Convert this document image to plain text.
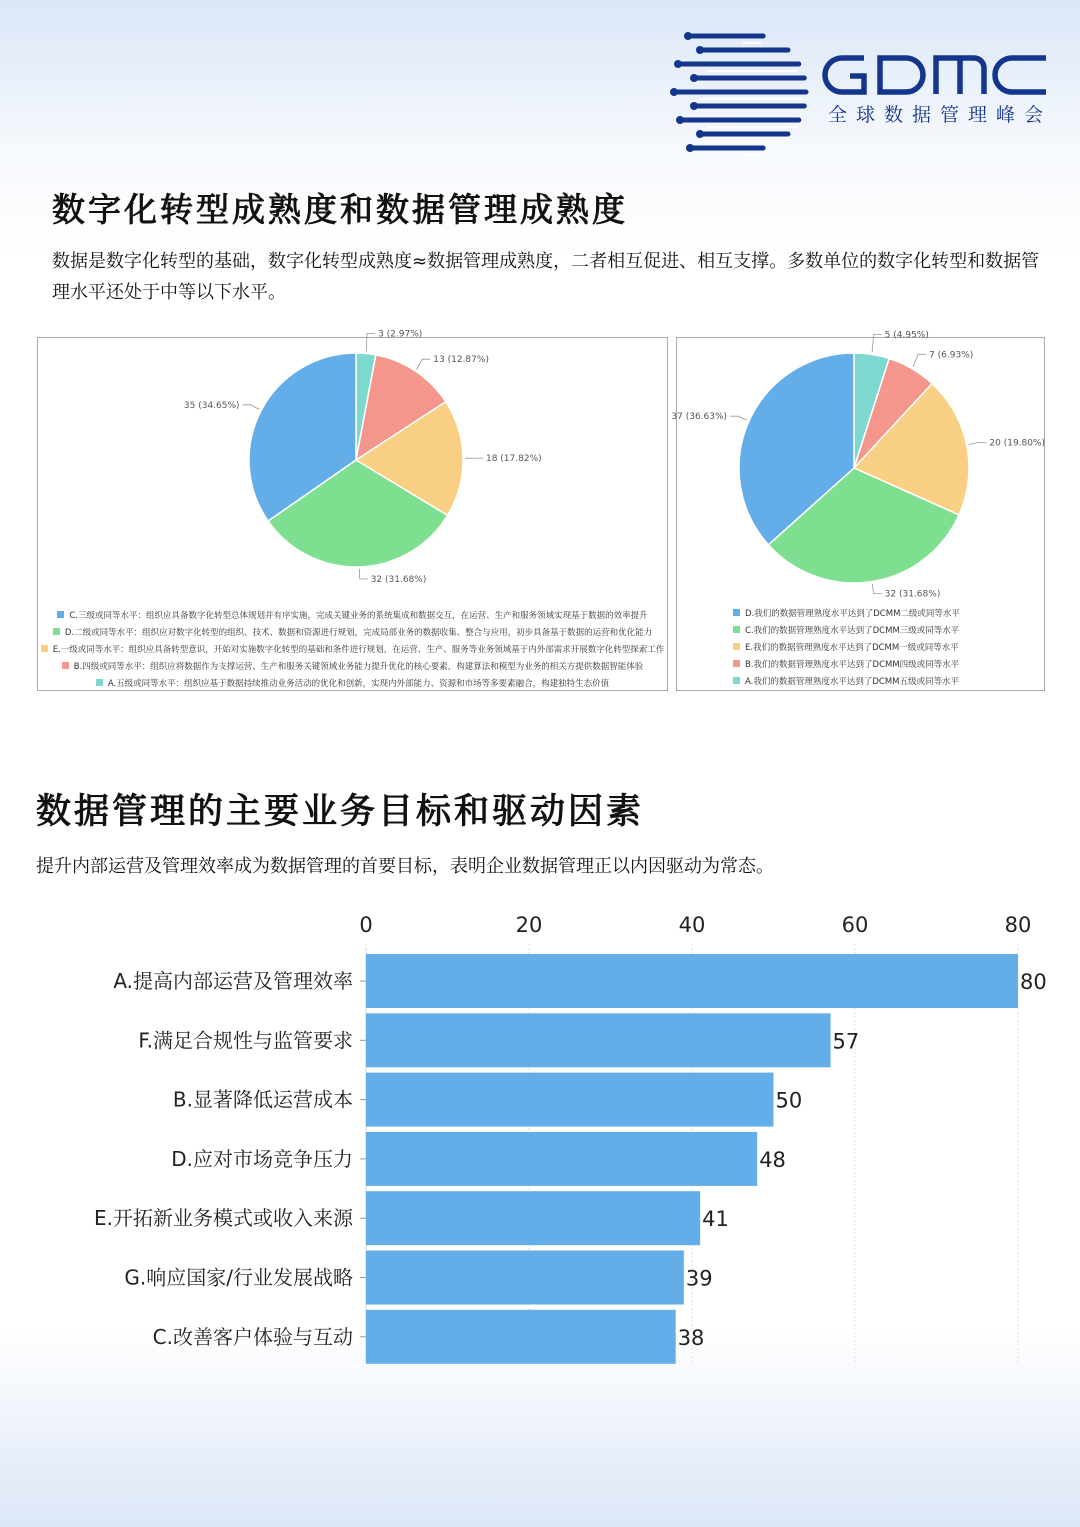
全球数据管理峰会
数字化转型成熟度和数据管理成熟度

数据是数字化转型的基础，数字化转型成熟度≈数据管理成熟度，二者相互促进、相互支撑。多数单位的数字化转型和数据管理水平还处于中等以下水平。

3 (2.97%)
13 (12.87%)
18 (17.82%)
32 (31.68%)
35 (34.65%)
C.三级或同等水平：组织应具备数字化转型总体规划并有序实施，完成关键业务的系统集成和数据交互，在运营、生产和服务领域实现基于数据的效率提升
D.二级或同等水平：组织应对数字化转型的组织、技术、数据和资源进行规划，完成局部业务的数据收集、整合与应用，初步具备基于数据的运营和优化能力
E.一级或同等水平：组织应具备转型意识，开始对实施数字化转型的基础和条件进行规划，在运营、生产、服务等业务领域基于内外部需求开展数字化转型探索工作
B.四级或同等水平：组织应将数据作为支撑运营、生产和服务关键领域业务能力提升优化的核心要素，构建算法和模型为业务的相关方提供数据智能体验
A.五级或同等水平：组织应基于数据持续推动业务活动的优化和创新，实现内外部能力、资源和市场等多要素融合，构建独特生态价值
5 (4.95%)
7 (6.93%)
20 (19.80%)
32 (31.68%)
37 (36.63%)
D.我们的数据管理熟度水平达到了DCMM二级或同等水平
C.我们的数据管理熟度水平达到了DCMM三级或同等水平
E.我们的数据管理熟度水平达到了DCMM一级或同等水平
B.我们的数据管理熟度水平达到了DCMM四级或同等水平
A.我们的数据管理熟度水平达到了DCMM五级或同等水平
数据管理的主要业务目标和驱动因素

提升内部运营及管理效率成为数据管理的首要目标，表明企业数据管理正以内因驱动为常态。

0	20	40	60	80
A.提高内部运营及管理效率	80
F.满足合规性与监管要求	57
B.显著降低运营成本	50
D.应对市场竞争压力	48
E.开拓新业务模式或收入来源	41
G.响应国家/行业发展战略	39
C.改善客户体验与互动	38
